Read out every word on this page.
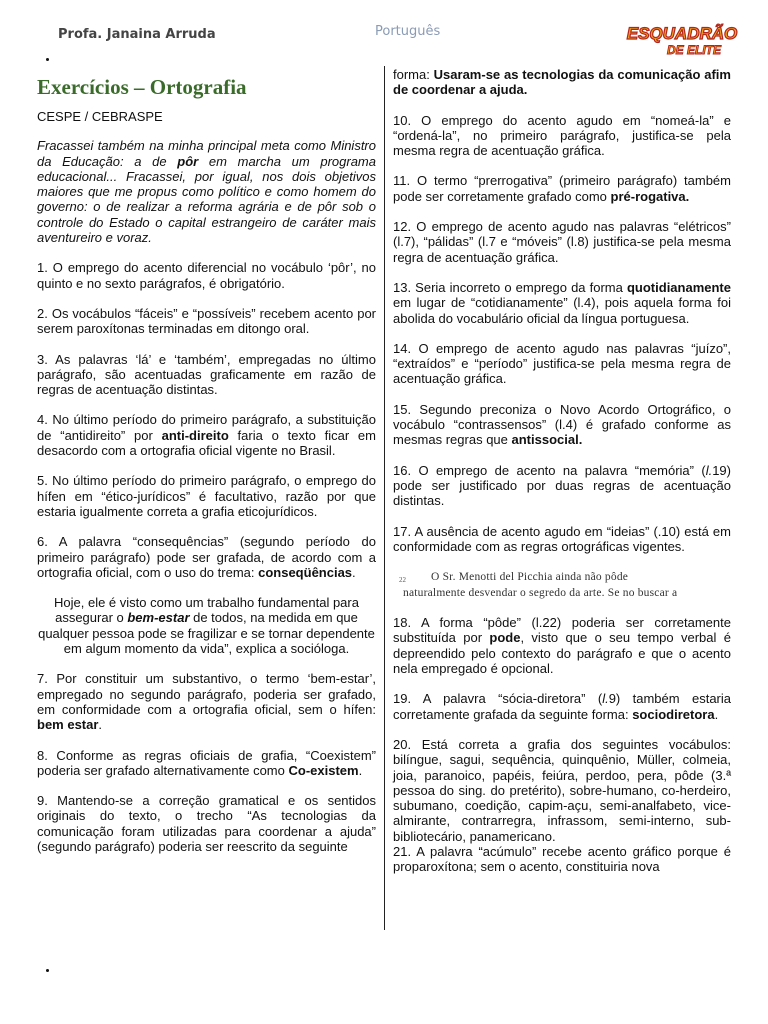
Profa. Janaina Arruda	Português	ESQUADRÃO
DE ELITE

Exercícios – Ortografia

CESPE / CEBRASPE

Fracassei também na minha principal meta como Ministro da Educação: a de pôr em marcha um programa educacional... Fracassei, por igual, nos dois objetivos maiores que me propus como político e como homem do governo: o de realizar a reforma agrária e de pôr sob o controle do Estado o capital estrangeiro de caráter mais aventureiro e voraz.

1. O emprego do acento diferencial no vocábulo ‘pôr’, no quinto e no sexto parágrafos, é obrigatório.

2. Os vocábulos “fáceis” e “possíveis” recebem acento por serem paroxítonas terminadas em ditongo oral.

3. As palavras ‘lá’ e ‘também’, empregadas no último parágrafo, são acentuadas graficamente em razão de regras de acentuação distintas.

4. No último período do primeiro parágrafo, a substituição de “antidireito” por anti-direito faria o texto ficar em desacordo com a ortografia oficial vigente no Brasil.

5. No último período do primeiro parágrafo, o emprego do hífen em “ético-jurídicos” é facultativo, razão por que estaria igualmente correta a grafia eticojurídicos.

6. A palavra “consequências” (segundo período do primeiro parágrafo) pode ser grafada, de acordo com a ortografia oficial, com o uso do trema: conseqüências.

Hoje, ele é visto como um trabalho fundamental para assegurar o bem-estar de todos, na medida em que qualquer pessoa pode se fragilizar e se tornar dependente em algum momento da vida”, explica a socióloga.

7. Por constituir um substantivo, o termo ‘bem-estar’, empregado no segundo parágrafo, poderia ser grafado, em conformidade com a ortografia oficial, sem o hífen: bem estar.

8. Conforme as regras oficiais de grafia, “Coexistem” poderia ser grafado alternativamente como Co-existem.

9. Mantendo-se a correção gramatical e os sentidos originais do texto, o trecho “As tecnologias da comunicação foram utilizadas para coordenar a ajuda” (segundo parágrafo) poderia ser reescrito da seguinte

forma: Usaram-se as tecnologias da comunicação afim de coordenar a ajuda.

10. O emprego do acento agudo em “nomeá-la” e “ordená-la”, no primeiro parágrafo, justifica-se pela mesma regra de acentuação gráfica.

11. O termo “prerrogativa” (primeiro parágrafo) também pode ser corretamente grafado como pré-rogativa.

12. O emprego de acento agudo nas palavras “elétricos” (l.7), “pálidas” (l.7 e “móveis” (l.8) justifica-se pela mesma regra de acentuação gráfica.

13. Seria incorreto o emprego da forma quotidianamente em lugar de “cotidianamente” (l.4), pois aquela forma foi abolida do vocabulário oficial da língua portuguesa.

14. O emprego de acento agudo nas palavras “juízo”, “extraídos” e “período” justifica-se pela mesma regra de acentuação gráfica.

15. Segundo preconiza o Novo Acordo Ortográfico, o vocábulo “contrassensos” (l.4) é grafado conforme as mesmas regras que antissocial.

16. O emprego de acento na palavra “memória” (l.19) pode ser justificado por duas regras de acentuação distintas.

17. A ausência de acento agudo em “ideias” (.10) está em conformidade com as regras ortográficas vigentes.

22 O Sr. Menotti del Picchia ainda não pôde
naturalmente desvendar o segredo da arte. Se no buscar a

18. A forma “pôde” (l.22) poderia ser corretamente substituída por pode, visto que o seu tempo verbal é depreendido pelo contexto do parágrafo e que o acento nela empregado é opcional.

19. A palavra “sócia-diretora” (l.9) também estaria corretamente grafada da seguinte forma: sociodiretora.

20. Está correta a grafia dos seguintes vocábulos: bilíngue, sagui, sequência, quinquênio, Müller, colmeia, joia, paranoico, papéis, feiúra, perdoo, pera, pôde (3.ª pessoa do sing. do pretérito), sobre-humano, co-herdeiro, subumano, coedição, capim-açu, semi-analfabeto, vice-almirante, contrarregra, infrassom, semi-interno, sub-bibliotecário, panamericano.

21. A palavra “acúmulo” recebe acento gráfico porque é proparoxítona; sem o acento, constituiria nova
